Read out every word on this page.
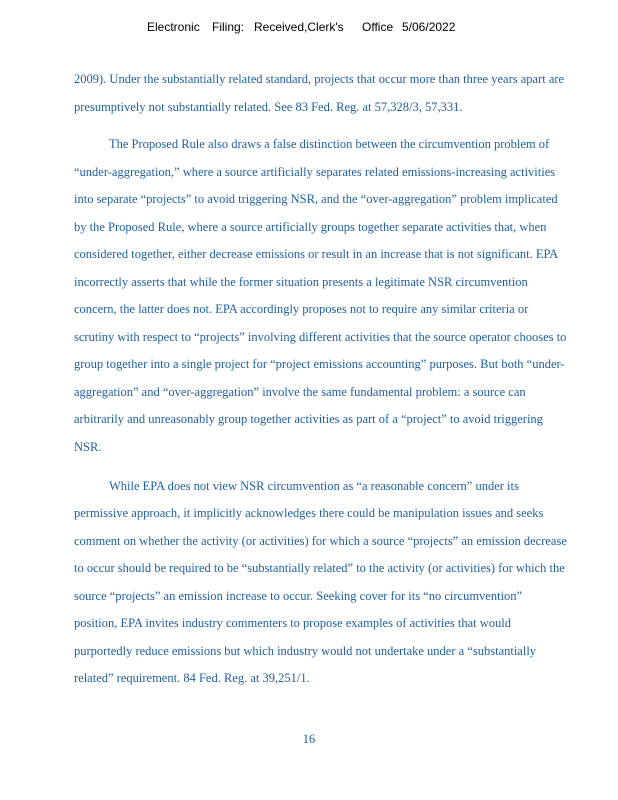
Electronic Filing: Received,Clerk's Office 5/06/2022
2009). Under the substantially related standard, projects that occur more than three years apart are
presumptively not substantially related. See 83 Fed. Reg. at 57,328/3, 57,331.
The Proposed Rule also draws a false distinction between the circumvention problem of
“under-aggregation,” where a source artificially separates related emissions-increasing activities
into separate “projects” to avoid triggering NSR, and the “over-aggregation” problem implicated
by the Proposed Rule, where a source artificially groups together separate activities that, when
considered together, either decrease emissions or result in an increase that is not significant. EPA
incorrectly asserts that while the former situation presents a legitimate NSR circumvention
concern, the latter does not. EPA accordingly proposes not to require any similar criteria or
scrutiny with respect to “projects” involving different activities that the source operator chooses to
group together into a single project for “project emissions accounting” purposes. But both “under-
aggregation” and “over-aggregation” involve the same fundamental problem: a source can
arbitrarily and unreasonably group together activities as part of a “project” to avoid triggering
NSR.
While EPA does not view NSR circumvention as “a reasonable concern” under its
permissive approach, it implicitly acknowledges there could be manipulation issues and seeks
comment on whether the activity (or activities) for which a source “projects” an emission decrease
to occur should be required to be “substantially related” to the activity (or activities) for which the
source “projects” an emission increase to occur. Seeking cover for its “no circumvention”
position, EPA invites industry commenters to propose examples of activities that would
purportedly reduce emissions but which industry would not undertake under a “substantially
related” requirement. 84 Fed. Reg. at 39,251/1.
16
